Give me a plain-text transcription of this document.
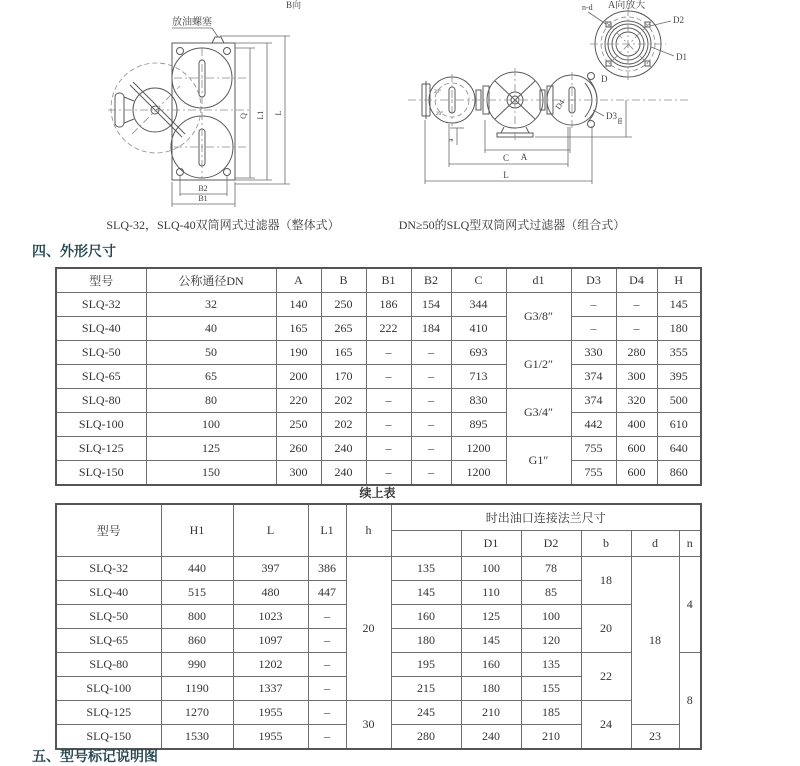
B向
放油螺塞
Q L1 L
B2
B1
A向放大
n-d
D2
D1
D
D4
D3
m
a
A
C
L
20°
20°
SLQ-32，SLQ-40双筒网式过滤器（整体式）	DN≥50的SLQ型双筒网式过滤器（组合式）
四、外形尺寸
型号	公称通径DN	A	B	B1	B2	C	d1	D3	D4	H
SLQ-32	32	140	250	186	154	344	G3/8″	–	–	145
SLQ-40	40	165	265	222	184	410		–	–	180
SLQ-50	50	190	165	–	–	693	G1/2″	330	280	355
SLQ-65	65	200	170	–	–	713		374	300	395
SLQ-80	80	220	202	–	–	830	G3/4″	374	320	500
SLQ-100	100	250	202	–	–	895		442	400	610
SLQ-125	125	260	240	–	–	1200	G1″	755	600	640
SLQ-150	150	300	240	–	–	1200		755	600	860
续上表
型号	H1	L	L1	h	时出油口连接法兰尺寸					
						D1	D2	b	d	n
SLQ-32	440	397	386	20	135	100	78	18	18	4
SLQ-40	515	480	447		145	110	85			
SLQ-50	800	1023	–		160	125	100	20		
SLQ-65	860	1097	–		180	145	120			
SLQ-80	990	1202	–		195	160	135	22		8
SLQ-100	1190	1337	–		215	180	155			
SLQ-125	1270	1955	–	30	245	210	185	24		
SLQ-150	1530	1955	–		280	240	210		23	
五、型号标记说明图
